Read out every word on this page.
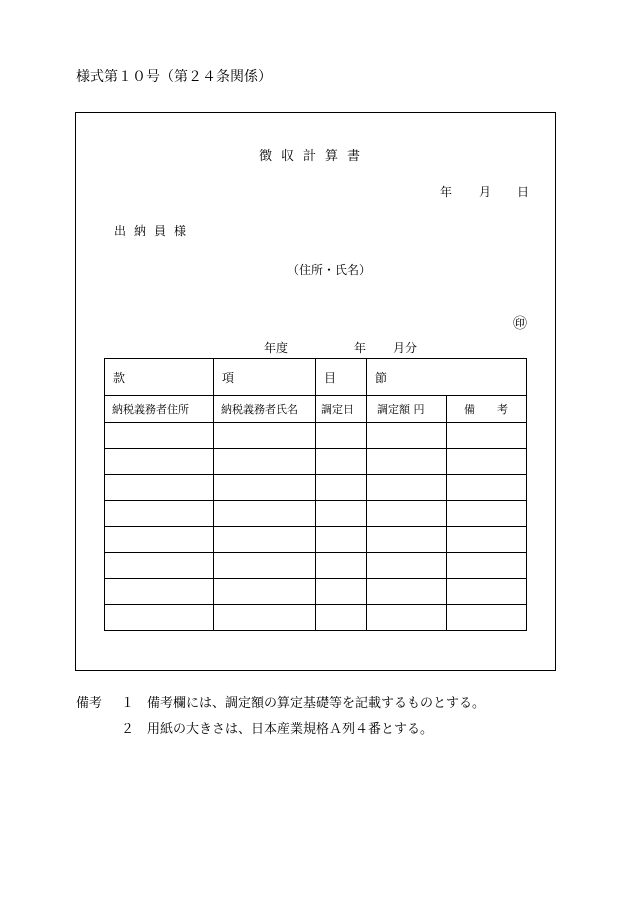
様式第１０号（第２４条関係）
徴収計算書
年 月 日
出納員様
（住所・氏名）
㊞
年度	年 月分
款	項	目	節	
納税義務者住所	納税義務者氏名	調定日	調定額 円	備　　考

備考 １ 備考欄には、調定額の算定基礎等を記載するものとする。
２ 用紙の大きさは、日本産業規格Ａ列４番とする。
